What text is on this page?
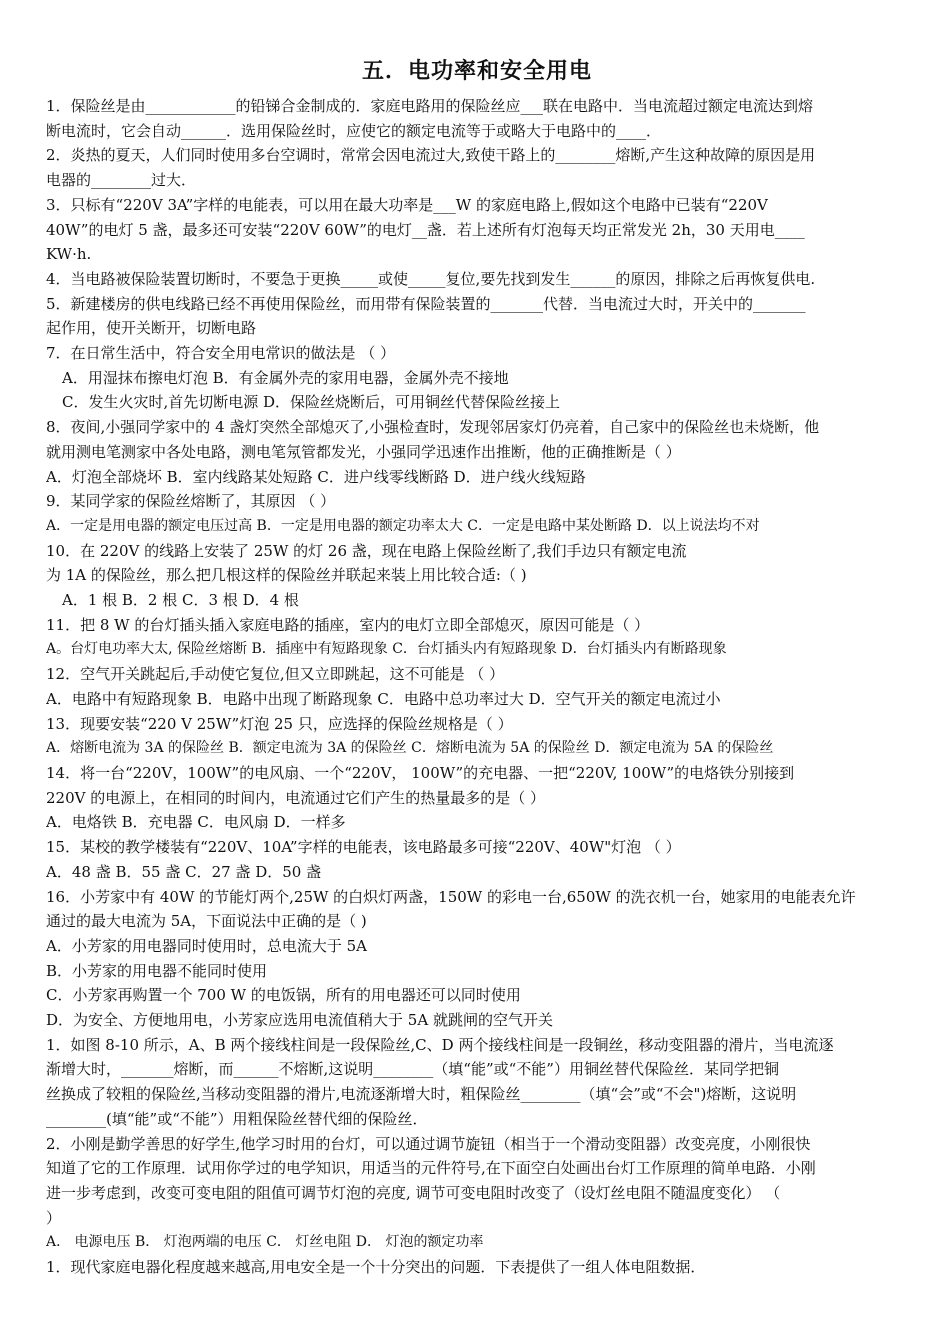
五．电功率和安全用电
1．保险丝是由____________的铅锑合金制成的．家庭电路用的保险丝应___联在电路中．当电流超过额定电流达到熔
断电流时，它会自动______．选用保险丝时，应使它的额定电流等于或略大于电路中的____．
2．炎热的夏天，人们同时使用多台空调时，常常会因电流过大,致使干路上的________熔断,产生这种故障的原因是用
电器的________过大．
3．只标有“220V 3A”字样的电能表，可以用在最大功率是___W 的家庭电路上,假如这个电路中已装有“220V
40W”的电灯 5 盏，最多还可安装“220V 60W”的电灯__盏．若上述所有灯泡每天均正常发光 2h，30 天用电____
KW·h.
4．当电路被保险装置切断时，不要急于更换_____或使_____复位,要先找到发生______的原因，排除之后再恢复供电.
5．新建楼房的供电线路已经不再使用保险丝，而用带有保险装置的_______代替．当电流过大时，开关中的_______
起作用，使开关断开，切断电路
7．在日常生活中，符合安全用电常识的做法是 （ ）
A．用湿抹布擦电灯泡 B．有金属外壳的家用电器，金属外壳不接地
C．发生火灾时,首先切断电源 D．保险丝烧断后，可用铜丝代替保险丝接上
8．夜间,小强同学家中的 4 盏灯突然全部熄灭了,小强检查时，发现邻居家灯仍亮着，自己家中的保险丝也未烧断，他
就用测电笔测家中各处电路，测电笔氖管都发光，小强同学迅速作出推断，他的正确推断是（ ）
A．灯泡全部烧坏 B．室内线路某处短路 C．进户线零线断路 D．进户线火线短路
9．某同学家的保险丝熔断了，其原因 （ ）
A．一定是用电器的额定电压过高 B．一定是用电器的额定功率太大 C．一定是电路中某处断路 D．以上说法均不对
10．在 220V 的线路上安装了 25W 的灯 26 盏，现在电路上保险丝断了,我们手边只有额定电流
为 1A 的保险丝，那么把几根这样的保险丝并联起来装上用比较合适:（ )
A．1 根 B．2 根 C．3 根 D．4 根
11．把 8 W 的台灯插头插入家庭电路的插座，室内的电灯立即全部熄灭，原因可能是（ ）
A。台灯电功率大太, 保险丝熔断 B．插座中有短路现象 C．台灯插头内有短路现象 D．台灯插头内有断路现象
12．空气开关跳起后,手动使它复位,但又立即跳起，这不可能是 （ ）
A．电路中有短路现象 B．电路中出现了断路现象 C．电路中总功率过大 D．空气开关的额定电流过小
13．现要安装“220 V 25W”灯泡 25 只，应选择的保险丝规格是（ ）
A．熔断电流为 3A 的保险丝 B．额定电流为 3A 的保险丝 C．熔断电流为 5A 的保险丝 D．额定电流为 5A 的保险丝
14．将一台“220V，100W”的电风扇、一个“220V， 100W”的充电器、一把“220V, 100W”的电烙铁分别接到
220V 的电源上，在相同的时间内，电流通过它们产生的热量最多的是（ ）
A．电烙铁 B．充电器 C．电风扇 D．一样多
15．某校的教学楼装有“220V、10A”字样的电能表，该电路最多可接“220V、40W"灯泡 （ ）
A．48 盏 B．55 盏 C．27 盏 D．50 盏
16．小芳家中有 40W 的节能灯两个,25W 的白炽灯两盏，150W 的彩电一台,650W 的洗衣机一台，她家用的电能表允许
通过的最大电流为 5A，下面说法中正确的是（ )
A．小芳家的用电器同时使用时，总电流大于 5A
B．小芳家的用电器不能同时使用
C．小芳家再购置一个 700 W 的电饭锅，所有的用电器还可以同时使用
D．为安全、方便地用电，小芳家应选用电流值稍大于 5A 就跳闸的空气开关
1．如图 8-10 所示，A、B 两个接线柱间是一段保险丝,C、D 两个接线柱间是一段铜丝，移动变阻器的滑片，当电流逐
渐增大时，_______熔断，而______不熔断,这说明________（填“能”或“不能”）用铜丝替代保险丝．某同学把铜
丝换成了较粗的保险丝,当移动变阻器的滑片,电流逐渐增大时，粗保险丝________（填“会”或“不会")熔断，这说明
________(填“能”或“不能”）用粗保险丝替代细的保险丝．
2．小刚是勤学善思的好学生,他学习时用的台灯，可以通过调节旋钮（相当于一个滑动变阻器）改变亮度，小刚很快
知道了它的工作原理．试用你学过的电学知识，用适当的元件符号,在下面空白处画出台灯工作原理的简单电路．小刚
进一步考虑到，改变可变电阻的阻值可调节灯泡的亮度, 调节可变电阻时改变了（设灯丝电阻不随温度变化） （
）
A． 电源电压 B． 灯泡两端的电压 C． 灯丝电阻 D． 灯泡的额定功率
1．现代家庭电器化程度越来越高,用电安全是一个十分突出的问题．下表提供了一组人体电阻数据．
